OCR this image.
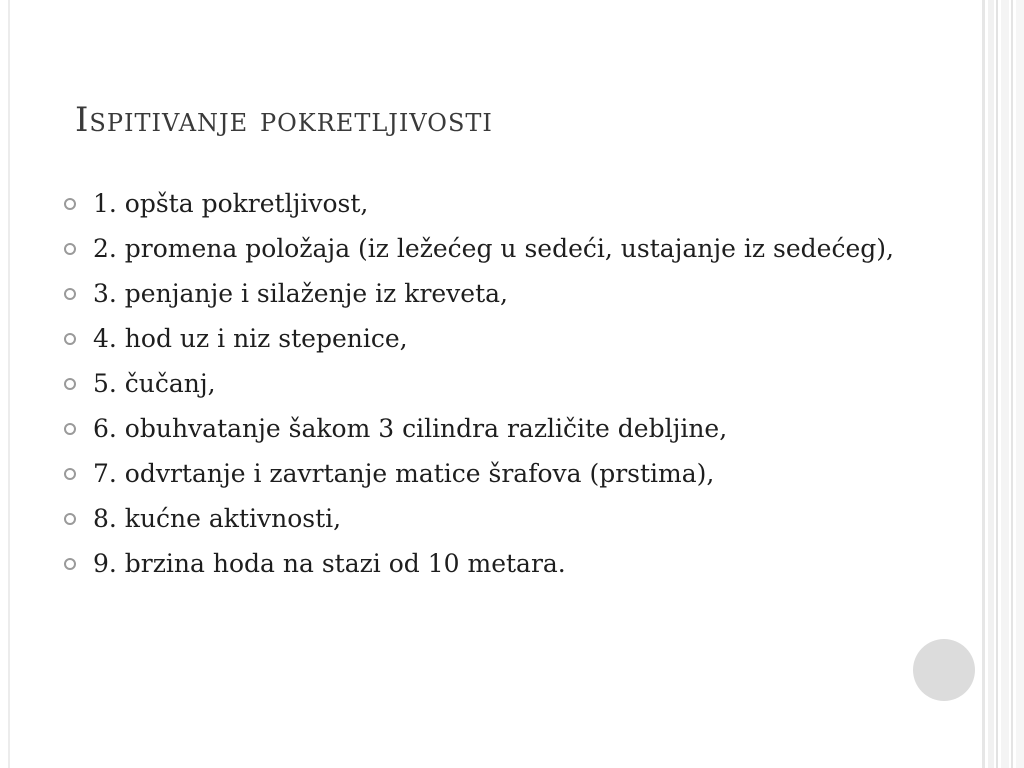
Ispitivanje pokretljivosti
1. opšta pokretljivost,
2. promena položaja (iz ležećeg u sedeći, ustajanje iz sedećeg),
3. penjanje i silaženje iz kreveta,
4. hod uz i niz stepenice,
5. čučanj,
6. obuhvatanje šakom 3 cilindra različite debljine,
7. odvrtanje i zavrtanje matice šrafova (prstima),
8. kućne aktivnosti,
9. brzina hoda na stazi od 10 metara.
